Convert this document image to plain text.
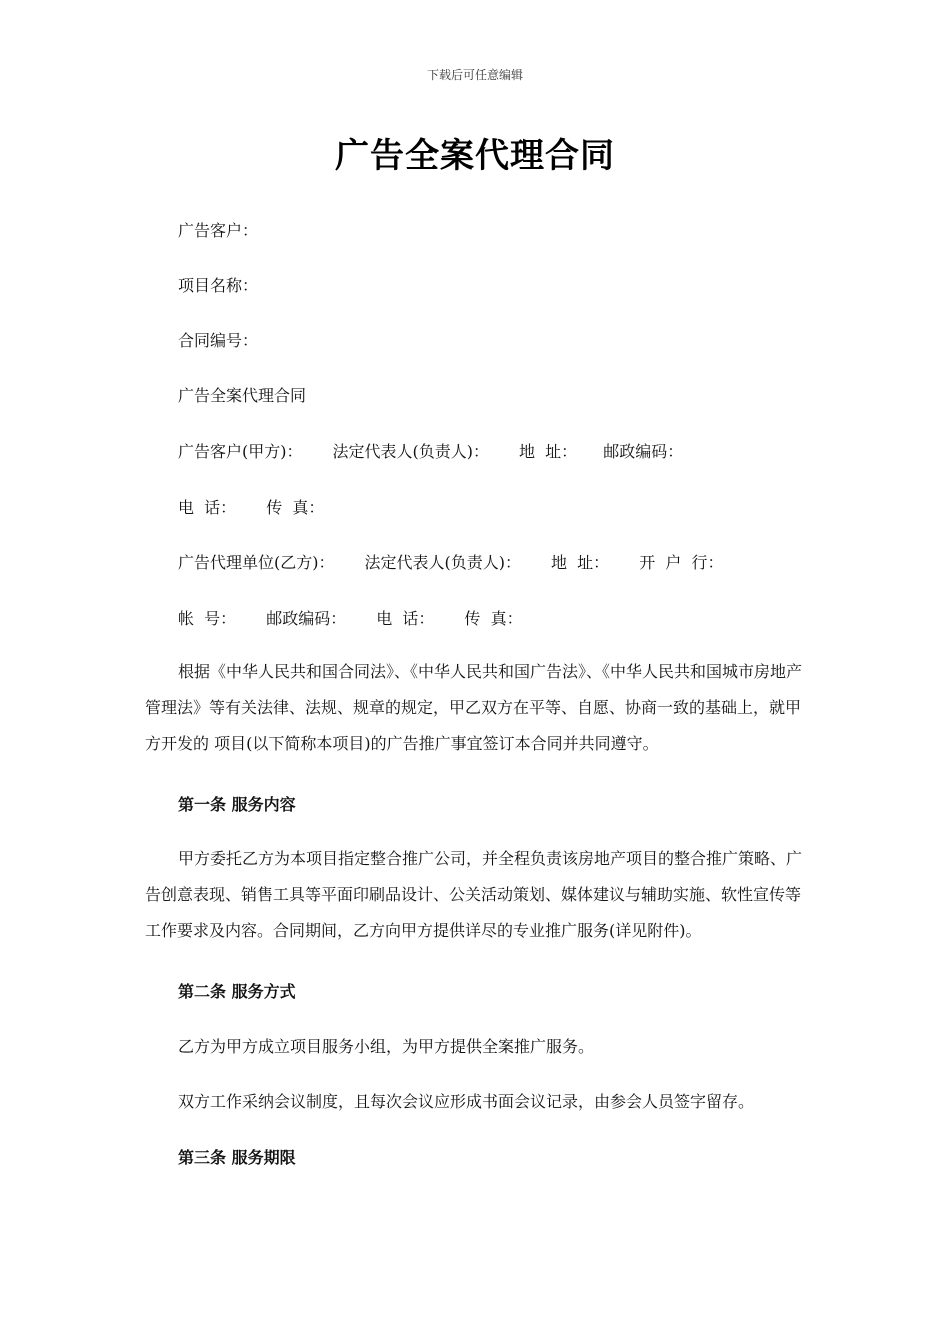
下载后可任意编辑
广告全案代理合同
广告客户：
项目名称：
合同编号：
广告全案代理合同
广告客户(甲方)： 法定代表人(负责人)： 地  址： 邮政编码：
电  话： 传  真：
广告代理单位(乙方)： 法定代表人(负责人)： 地  址： 开  户  行：
帐  号： 邮政编码： 电  话： 传  真：

根据《中华人民共和国合同法》、《中华人民共和国广告法》、《中华人民共和国城市房地产管理法》等有关法律、法规、规章的规定，甲乙双方在平等、自愿、协商一致的基础上，就甲方开发的 项目(以下简称本项目)的广告推广事宜签订本合同并共同遵守。

第一条 服务内容

甲方委托乙方为本项目指定整合推广公司，并全程负责该房地产项目的整合推广策略、广告创意表现、销售工具等平面印刷品设计、公关活动策划、媒体建议与辅助实施、软性宣传等工作要求及内容。合同期间，乙方向甲方提供详尽的专业推广服务(详见附件)。

第二条 服务方式
乙方为甲方成立项目服务小组，为甲方提供全案推广服务。
双方工作采纳会议制度，且每次会议应形成书面会议记录，由参会人员签字留存。
第三条 服务期限
